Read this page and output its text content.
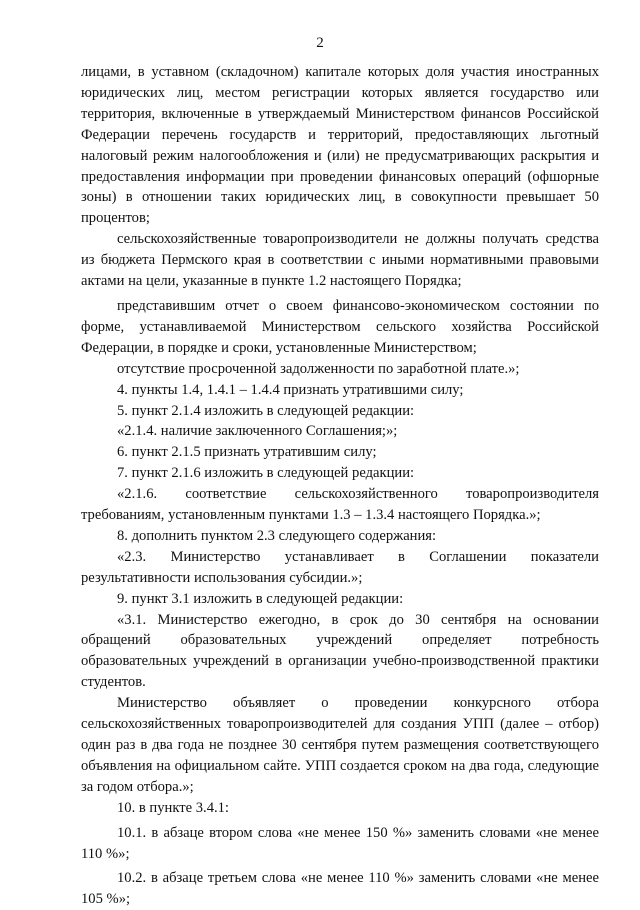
2

лицами, в уставном (складочном) капитале которых доля участия иностранных юридических лиц, местом регистрации которых является государство или территория, включенные в утверждаемый Министерством финансов Российской Федерации перечень государств и территорий, предоставляющих льготный налоговый режим налогообложения и (или) не предусматривающих раскрытия и предоставления информации при проведении финансовых операций (офшорные зоны) в отношении таких юридических лиц, в совокупности превышает 50 процентов;

сельскохозяйственные товаропроизводители не должны получать средства из бюджета Пермского края в соответствии с иными нормативными правовыми актами на цели, указанные в пункте 1.2 настоящего Порядка;

представившим отчет о своем финансово-экономическом состоянии по форме, устанавливаемой Министерством сельского хозяйства Российской Федерации, в порядке и сроки, установленные Министерством;

отсутствие просроченной задолженности по заработной плате.»;

4. пункты 1.4, 1.4.1 – 1.4.4 признать утратившими силу;

5. пункт 2.1.4 изложить в следующей редакции:

«2.1.4. наличие заключенного Соглашения;»;

6. пункт 2.1.5 признать утратившим силу;

7. пункт 2.1.6 изложить в следующей редакции:

«2.1.6. соответствие сельскохозяйственного товаропроизводителя требованиям, установленным пунктами 1.3 – 1.3.4 настоящего Порядка.»;

8. дополнить пунктом 2.3 следующего содержания:

«2.3. Министерство устанавливает в Соглашении показатели результативности использования субсидии.»;

9. пункт 3.1 изложить в следующей редакции:

«3.1. Министерство ежегодно, в срок до 30 сентября на основании обращений образовательных учреждений определяет потребность образовательных учреждений в организации учебно-производственной практики студентов.

Министерство объявляет о проведении конкурсного отбора сельскохозяйственных товаропроизводителей для создания УПП (далее – отбор) один раз в два года не позднее 30 сентября путем размещения соответствующего объявления на официальном сайте. УПП создается сроком на два года, следующие за годом отбора.»;

10. в пункте 3.4.1:

10.1. в абзаце втором слова «не менее 150 %» заменить словами «не менее 110 %»;

10.2. в абзаце третьем слова «не менее 110 %» заменить словами «не менее 105 %»;
